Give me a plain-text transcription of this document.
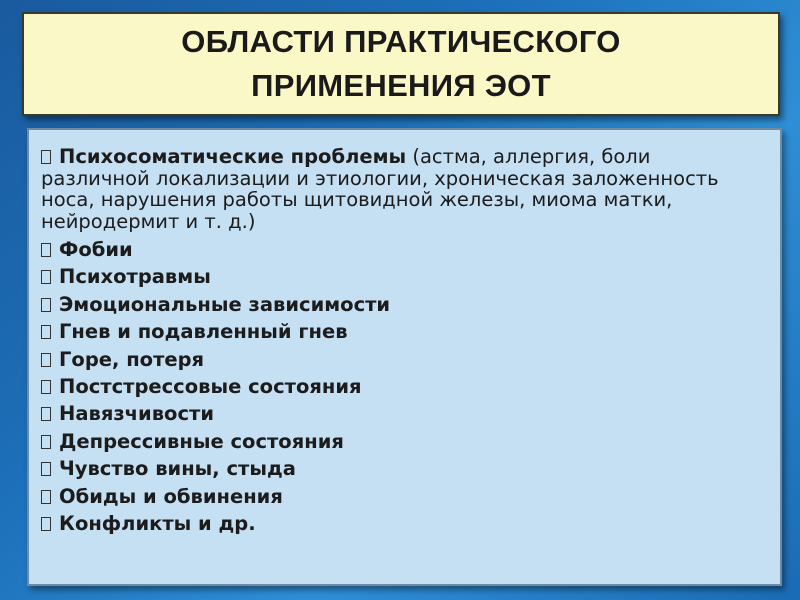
ОБЛАСТИ ПРАКТИЧЕСКОГО
ПРИМЕНЕНИЯ ЭОТ

Психосоматические проблемы (астма, аллергия, боли различной локализации и этиологии, хроническая заложенность носа, нарушения работы щитовидной железы, миома матки, нейродермит и т. д.)

Фобии
Психотравмы
Эмоциональные зависимости
Гнев и подавленный гнев
Горе, потеря
Постстрессовые состояния
Навязчивости
Депрессивные состояния
Чувство вины, стыда
Обиды и обвинения
Конфликты и др.
